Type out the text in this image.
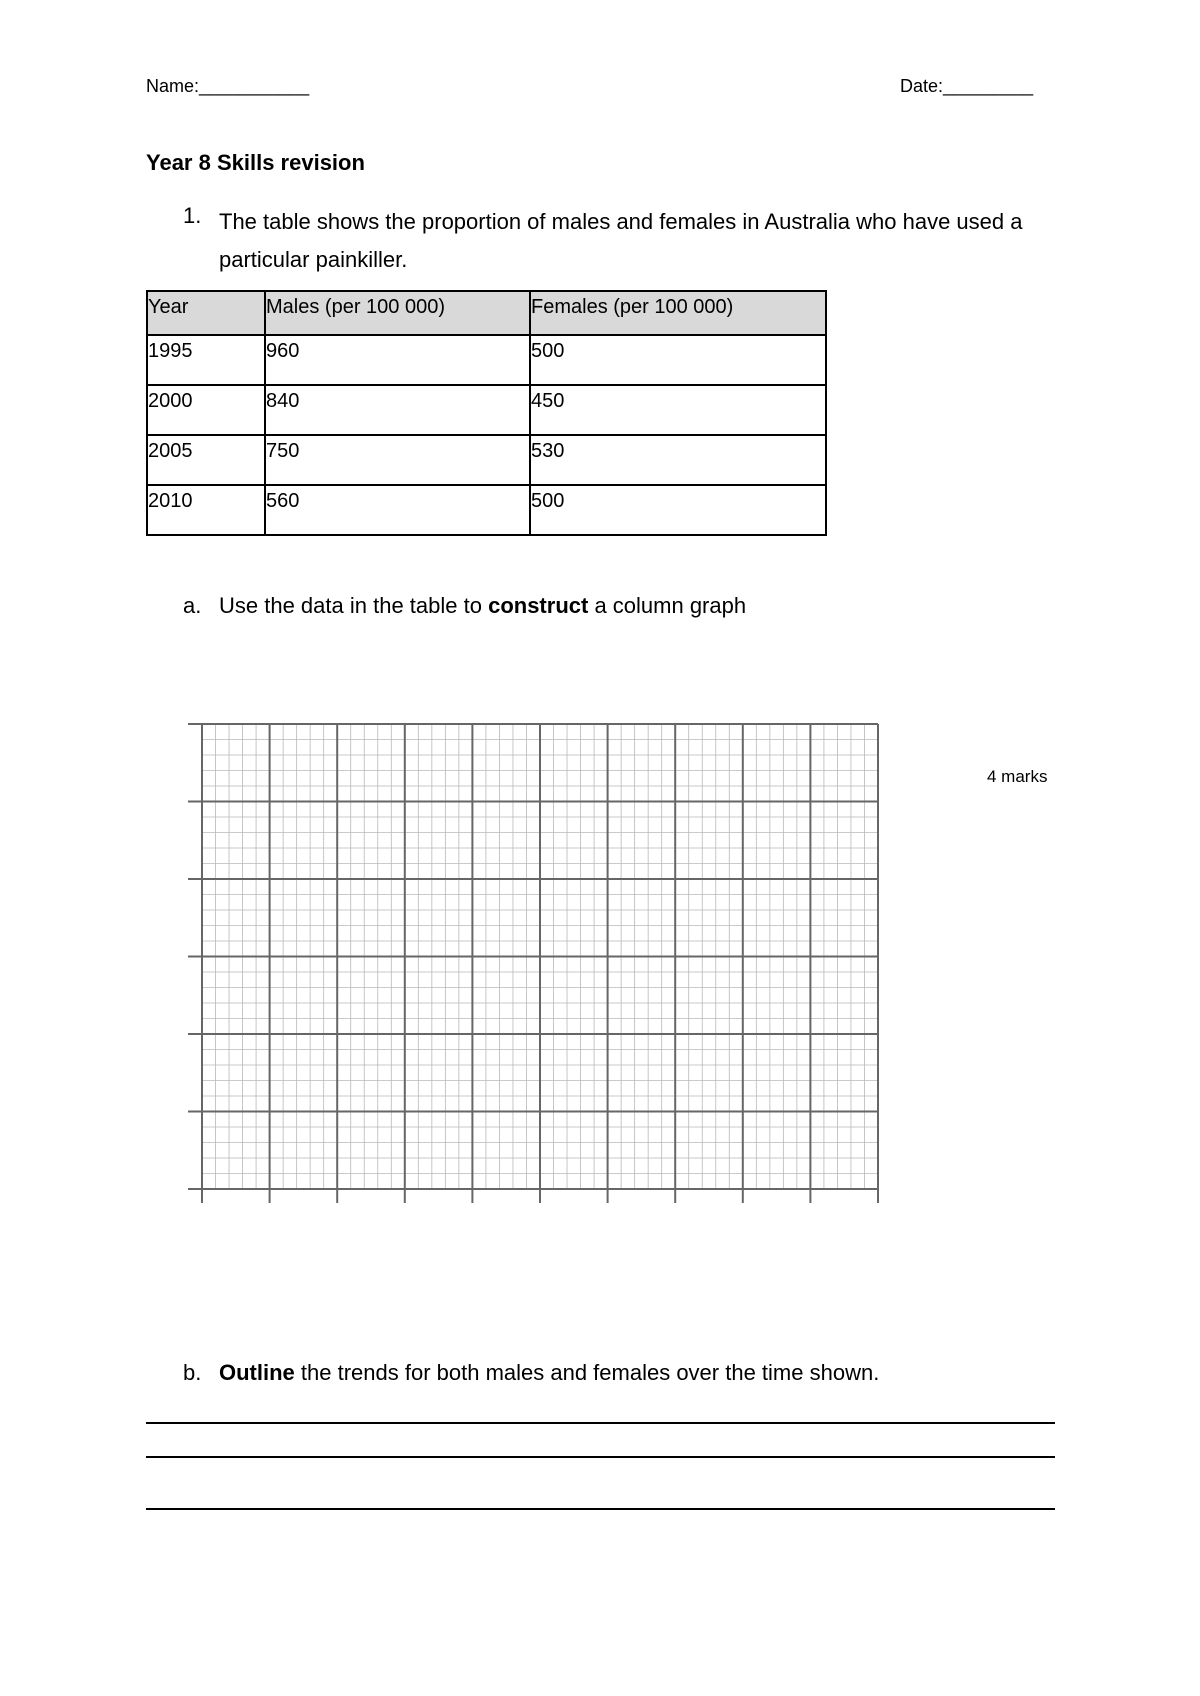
Name:___________	Date:_________
Year 8 Skills revision
1. The table shows the proportion of males and females in Australia who have used a particular painkiller.
Year	Males (per 100 000)	Females (per 100 000)
1995	960	500
2000	840	450
2005	750	530
2010	560	500
a. Use the data in the table to construct a column graph
4 marks
b. Outline the trends for both males and females over the time shown.
